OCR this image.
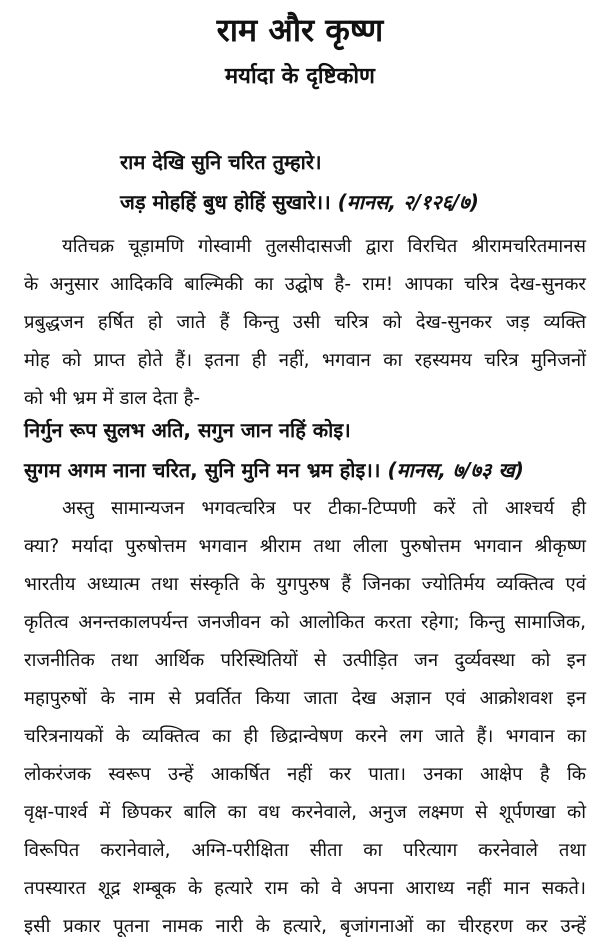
राम और कृष्ण
मर्यादा के दृष्टिकोण
राम देखि सुनि चरित तुम्हारे।
जड़ मोहहिं बुध होहिं सुखारे।। (मानस, २/१२६/७)
यतिचक्र चूड़ामणि गोस्वामी तुलसीदासजी द्वारा विरचित श्रीरामचरितमानस
के अनुसार आदिकवि बाल्मिकी का उद्घोष है- राम! आपका चरित्र देख-सुनकर
प्रबुद्धजन हर्षित हो जाते हैं किन्तु उसी चरित्र को देख-सुनकर जड़ व्यक्ति
मोह को प्राप्त होते हैं। इतना ही नहीं, भगवान का रहस्यमय चरित्र मुनिजनों
को भी भ्रम में डाल देता है-
निर्गुन रूप सुलभ अति, सगुन जान नहिं कोइ।
सुगम अगम नाना चरित, सुनि मुनि मन भ्रम होइ।। (मानस, ७/७३ ख)
अस्तु सामान्यजन भगवत्चरित्र पर टीका-टिप्पणी करें तो आश्चर्य ही
क्या? मर्यादा पुरुषोत्तम भगवान श्रीराम तथा लीला पुरुषोत्तम भगवान श्रीकृष्ण
भारतीय अध्यात्म तथा संस्कृति के युगपुरुष हैं जिनका ज्योतिर्मय व्यक्तित्व एवं
कृतित्व अनन्तकालपर्यन्त जनजीवन को आलोकित करता रहेगा; किन्तु सामाजिक,
राजनीतिक तथा आर्थिक परिस्थितियों से उत्पीड़ित जन दुर्व्यवस्था को इन
महापुरुषों के नाम से प्रवर्तित किया जाता देख अज्ञान एवं आक्रोशवश इन
चरित्रनायकों के व्यक्तित्व का ही छिद्रान्वेषण करने लग जाते हैं। भगवान का
लोकरंजक स्वरूप उन्हें आकर्षित नहीं कर पाता। उनका आक्षेप है कि
वृक्ष-पार्श्व में छिपकर बालि का वध करनेवाले, अनुज लक्ष्मण से शूर्पणखा को
विरूपित करानेवाले, अग्नि-परीक्षिता सीता का परित्याग करनेवाले तथा
तपस्यारत शूद्र शम्बूक के हत्यारे राम को वे अपना आराध्य नहीं मान सकते।
इसी प्रकार पूतना नामक नारी के हत्यारे, बृजांगनाओं का चीरहरण कर उन्हें
